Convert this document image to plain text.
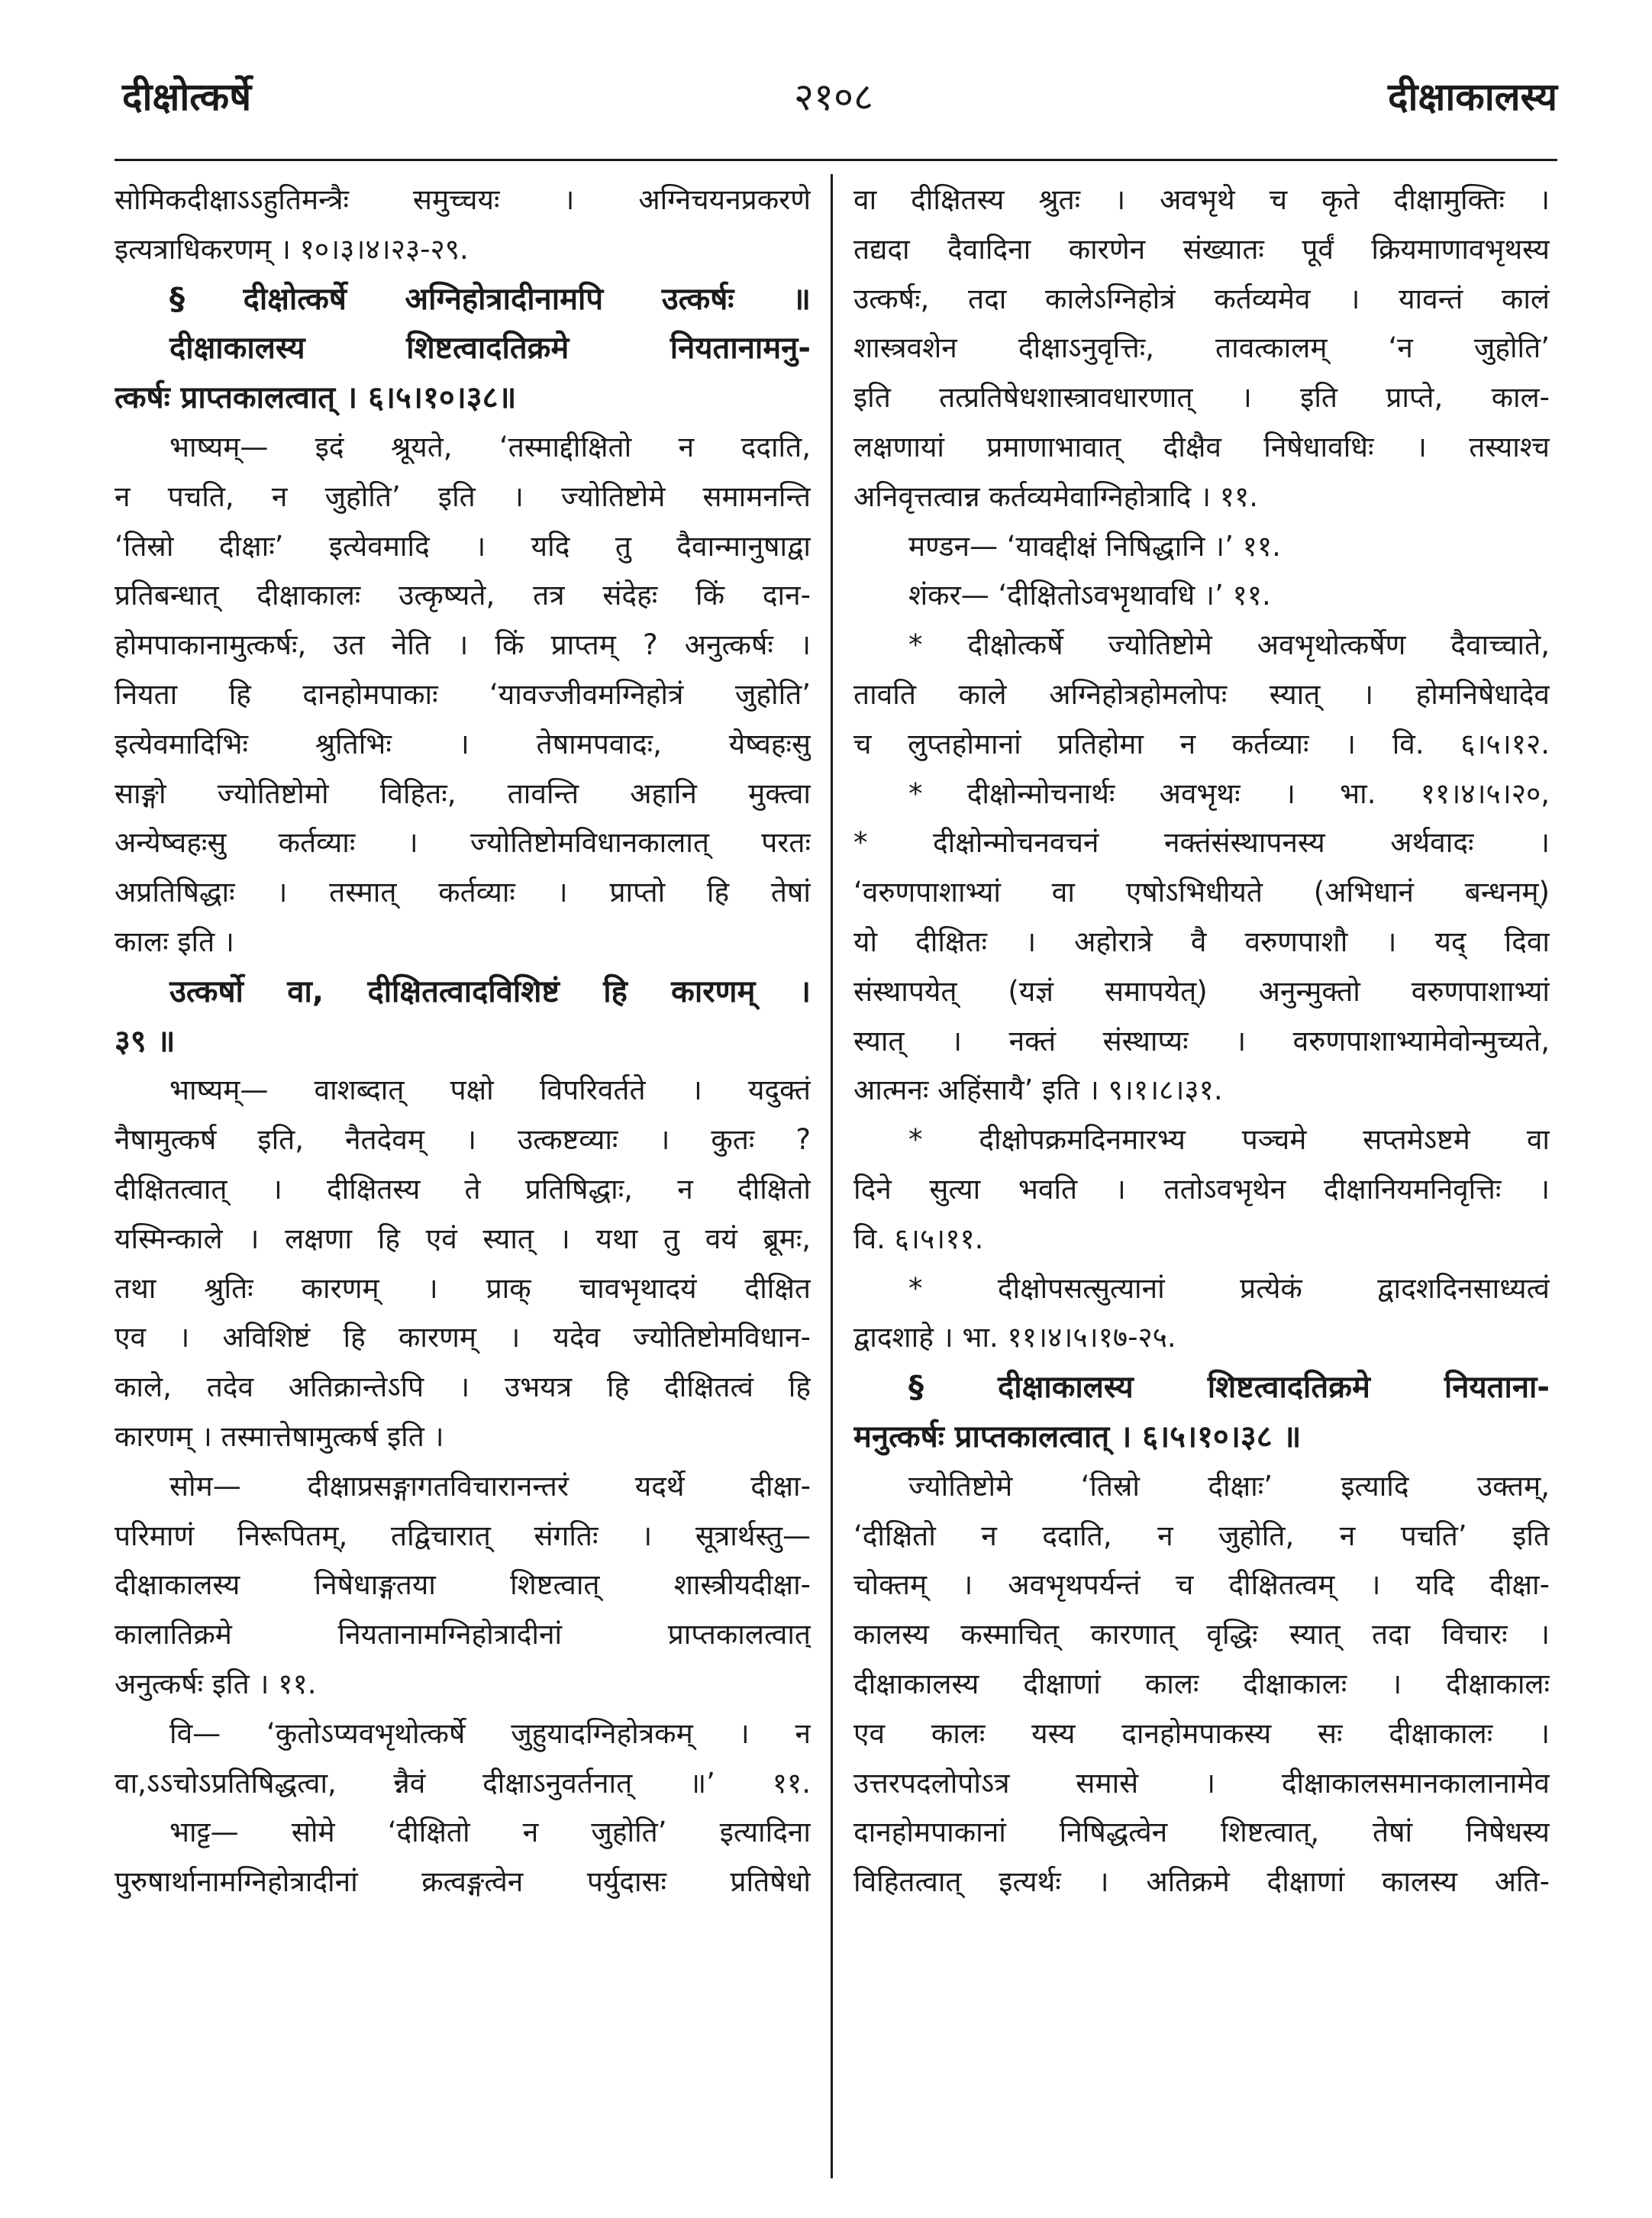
दीक्षोत्कर्षे	२१०८	दीक्षाकालस्य
सोमिकदीक्षाऽऽहुतिमन्त्रैः समुच्चयः । अग्निचयनप्रकरणे
इत्यत्राधिकरणम् । १०।३।४।२३-२९.
§ दीक्षोत्कर्षे अग्निहोत्रादीनामपि उत्कर्षः ॥
दीक्षाकालस्य शिष्टत्वादतिक्रमे नियतानामनु-
त्कर्षः प्राप्तकालत्वात् । ६।५।१०।३८॥
भाष्यम्— इदं श्रूयते, ‘तस्माद्दीक्षितो न ददाति,
न पचति, न जुहोति’ इति । ज्योतिष्टोमे समामनन्ति
‘तिस्रो दीक्षाः’ इत्येवमादि । यदि तु दैवान्मानुषाद्वा
प्रतिबन्धात् दीक्षाकालः उत्कृष्यते, तत्र संदेहः किं दान-
होमपाकानामुत्कर्षः, उत नेति । किं प्राप्तम् ? अनुत्कर्षः ।
नियता हि दानहोमपाकाः ‘यावज्जीवमग्निहोत्रं जुहोति’
इत्येवमादिभिः श्रुतिभिः । तेषामपवादः, येष्वहःसु
साङ्गो ज्योतिष्टोमो विहितः, तावन्ति अहानि मुक्त्वा
अन्येष्वहःसु कर्तव्याः । ज्योतिष्टोमविधानकालात् परतः
अप्रतिषिद्धाः । तस्मात् कर्तव्याः । प्राप्तो हि तेषां
कालः इति ।
उत्कर्षो वा, दीक्षितत्वादविशिष्टं हि कारणम् ।
३९ ॥
भाष्यम्— वाशब्दात् पक्षो विपरिवर्तते । यदुक्तं
नैषामुत्कर्ष इति, नैतदेवम् । उत्कष्टव्याः । कुतः ?
दीक्षितत्वात् । दीक्षितस्य ते प्रतिषिद्धाः, न दीक्षितो
यस्मिन्काले । लक्षणा हि एवं स्यात् । यथा तु वयं ब्रूमः,
तथा श्रुतिः कारणम् । प्राक् चावभृथादयं दीक्षित
एव । अविशिष्टं हि कारणम् । यदेव ज्योतिष्टोमविधान-
काले, तदेव अतिक्रान्तेऽपि । उभयत्र हि दीक्षितत्वं हि
कारणम् । तस्मात्तेषामुत्कर्ष इति ।
सोम— दीक्षाप्रसङ्गागतविचारानन्तरं यदर्थे दीक्षा-
परिमाणं निरूपितम्, तद्विचारात् संगतिः । सूत्रार्थस्तु—
दीक्षाकालस्य निषेधाङ्गतया शिष्टत्वात् शास्त्रीयदीक्षा-
कालातिक्रमे नियतानामग्निहोत्रादीनां प्राप्तकालत्वात्
अनुत्कर्षः इति । ११.
वि— ‘कुतोऽप्यवभृथोत्कर्षे जुहुयादग्निहोत्रकम् । न
वा,ऽऽचोऽप्रतिषिद्धत्वा, न्नैवं दीक्षाऽनुवर्तनात् ॥’ ११.
भाट्ट— सोमे ‘दीक्षितो न जुहोति’ इत्यादिना
पुरुषार्थानामग्निहोत्रादीनां क्रत्वङ्गत्वेन पर्युदासः प्रतिषेधो
वा दीक्षितस्य श्रुतः । अवभृथे च कृते दीक्षामुक्तिः ।
तद्यदा दैवादिना कारणेन संख्यातः पूर्वं क्रियमाणावभृथस्य
उत्कर्षः, तदा कालेऽग्निहोत्रं कर्तव्यमेव । यावन्तं कालं
शास्त्रवशेन दीक्षाऽनुवृत्तिः, तावत्कालम् ‘न जुहोति’
इति तत्प्रतिषेधशास्त्रावधारणात् । इति प्राप्ते, काल-
लक्षणायां प्रमाणाभावात् दीक्षैव निषेधावधिः । तस्याश्च
अनिवृत्तत्वान्न कर्तव्यमेवाग्निहोत्रादि । ११.
मण्डन— ‘यावद्दीक्षं निषिद्धानि ।’ ११.
शंकर— ‘दीक्षितोऽवभृथावधि ।’ ११.
* दीक्षोत्कर्षे ज्योतिष्टोमे अवभृथोत्कर्षेण दैवाच्चाते,
तावति काले अग्निहोत्रहोमलोपः स्यात् । होमनिषेधादेव
च लुप्तहोमानां प्रतिहोमा न कर्तव्याः । वि. ६।५।१२.
* दीक्षोन्मोचनार्थः अवभृथः । भा. ११।४।५।२०,
* दीक्षोन्मोचनवचनं नक्तंसंस्थापनस्य अर्थवादः ।
‘वरुणपाशाभ्यां वा एषोऽभिधीयते (अभिधानं बन्धनम्)
यो दीक्षितः । अहोरात्रे वै वरुणपाशौ । यद् दिवा
संस्थापयेत् (यज्ञं समापयेत्) अनुन्मुक्तो वरुणपाशाभ्यां
स्यात् । नक्तं संस्थाप्यः । वरुणपाशाभ्यामेवोन्मुच्यते,
आत्मनः अहिंसायै’ इति । ९।१।८।३१.
* दीक्षोपक्रमदिनमारभ्य पञ्चमे सप्तमेऽष्टमे वा
दिने सुत्या भवति । ततोऽवभृथेन दीक्षानियमनिवृत्तिः ।
वि. ६।५।११.
* दीक्षोपसत्सुत्यानां प्रत्येकं द्वादशदिनसाध्यत्वं
द्वादशाहे । भा. ११।४।५।१७-२५.
§ दीक्षाकालस्य शिष्टत्वादतिक्रमे नियताना-
मनुत्कर्षः प्राप्तकालत्वात् । ६।५।१०।३८ ॥
ज्योतिष्टोमे ‘तिस्रो दीक्षाः’ इत्यादि उक्तम्,
‘दीक्षितो न ददाति, न जुहोति, न पचति’ इति
चोक्तम् । अवभृथपर्यन्तं च दीक्षितत्वम् । यदि दीक्षा-
कालस्य कस्माचित् कारणात् वृद्धिः स्यात् तदा विचारः ।
दीक्षाकालस्य दीक्षाणां कालः दीक्षाकालः । दीक्षाकालः
एव कालः यस्य दानहोमपाकस्य सः दीक्षाकालः ।
उत्तरपदलोपोऽत्र समासे । दीक्षाकालसमानकालानामेव
दानहोमपाकानां निषिद्धत्वेन शिष्टत्वात्, तेषां निषेधस्य
विहितत्वात् इत्यर्थः । अतिक्रमे दीक्षाणां कालस्य अति-
